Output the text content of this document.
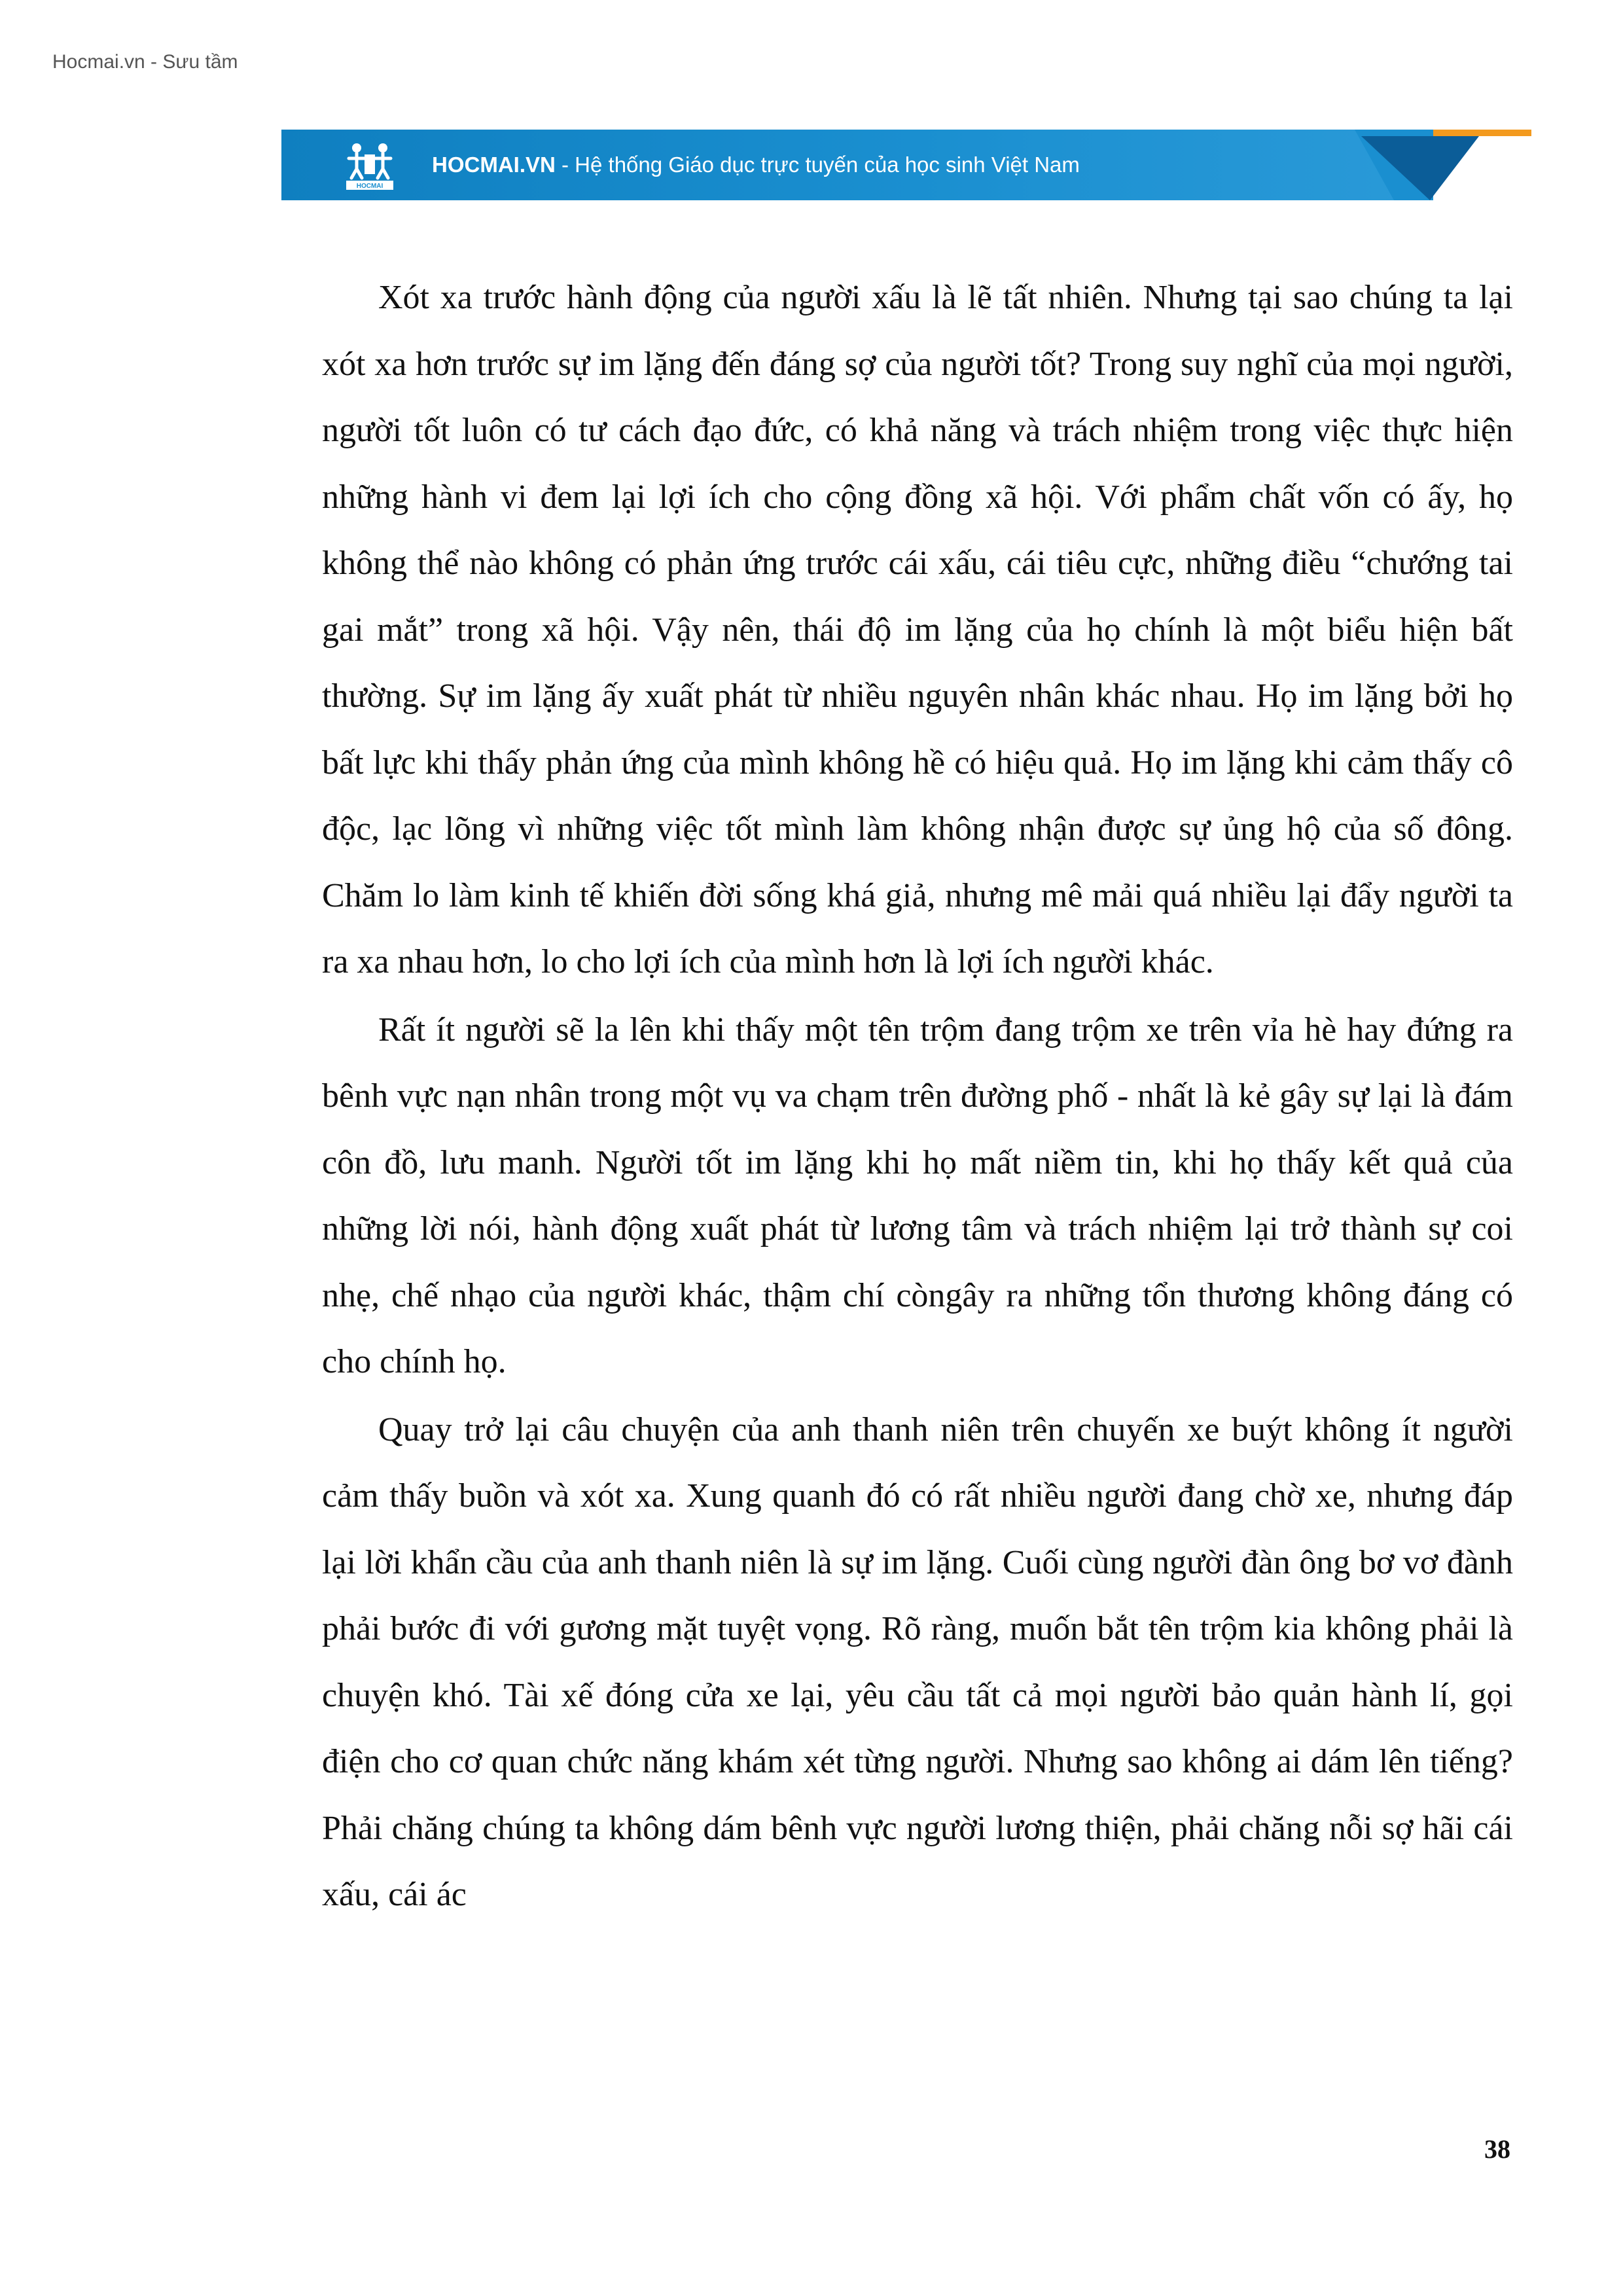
Hocmai.vn - Sưu tầm
HOCMAI
HOCMAI.VN - Hệ thống Giáo dục trực tuyến của học sinh Việt Nam

Xót xa trước hành động của người xấu là lẽ tất nhiên. Nhưng tại sao chúng ta lại xót xa hơn trước sự im lặng đến đáng sợ của người tốt? Trong suy nghĩ của mọi người, người tốt luôn có tư cách đạo đức, có khả năng và trách nhiệm trong việc thực hiện những hành vi đem lại lợi ích cho cộng đồng xã hội. Với phẩm chất vốn có ấy, họ không thể nào không có phản ứng trước cái xấu, cái tiêu cực, những điều “chướng tai gai mắt” trong xã hội. Vậy nên, thái độ im lặng của họ chính là một biểu hiện bất thường. Sự im lặng ấy xuất phát từ nhiều nguyên nhân khác nhau. Họ im lặng bởi họ bất lực khi thấy phản ứng của mình không hề có hiệu quả. Họ im lặng khi cảm thấy cô độc, lạc lõng vì những việc tốt mình làm không nhận được sự ủng hộ của số đông. Chăm lo làm kinh tế khiến đời sống khá giả, nhưng mê mải quá nhiều lại đẩy người ta ra xa nhau hơn, lo cho lợi ích của mình hơn là lợi ích người khác.

Rất ít người sẽ la lên khi thấy một tên trộm đang trộm xe trên vỉa hè hay đứng ra bênh vực nạn nhân trong một vụ va chạm trên đường phố - nhất là kẻ gây sự lại là đám côn đồ, lưu manh. Người tốt im lặng khi họ mất niềm tin, khi họ thấy kết quả của những lời nói, hành động xuất phát từ lương tâm và trách nhiệm lại trở thành sự coi nhẹ, chế nhạo của người khác, thậm chí còngây ra những tổn thương không đáng có cho chính họ.

Quay trở lại câu chuyện của anh thanh niên trên chuyến xe buýt không ít người cảm thấy buồn và xót xa. Xung quanh đó có rất nhiều người đang chờ xe, nhưng đáp lại lời khẩn cầu của anh thanh niên là sự im lặng. Cuối cùng người đàn ông bơ vơ đành phải bước đi với gương mặt tuyệt vọng. Rõ ràng, muốn bắt tên trộm kia không phải là chuyện khó. Tài xế đóng cửa xe lại, yêu cầu tất cả mọi người bảo quản hành lí, gọi điện cho cơ quan chức năng khám xét từng người. Nhưng sao không ai dám lên tiếng? Phải chăng chúng ta không dám bênh vực người lương thiện, phải chăng nỗi sợ hãi cái xấu, cái ác

38
